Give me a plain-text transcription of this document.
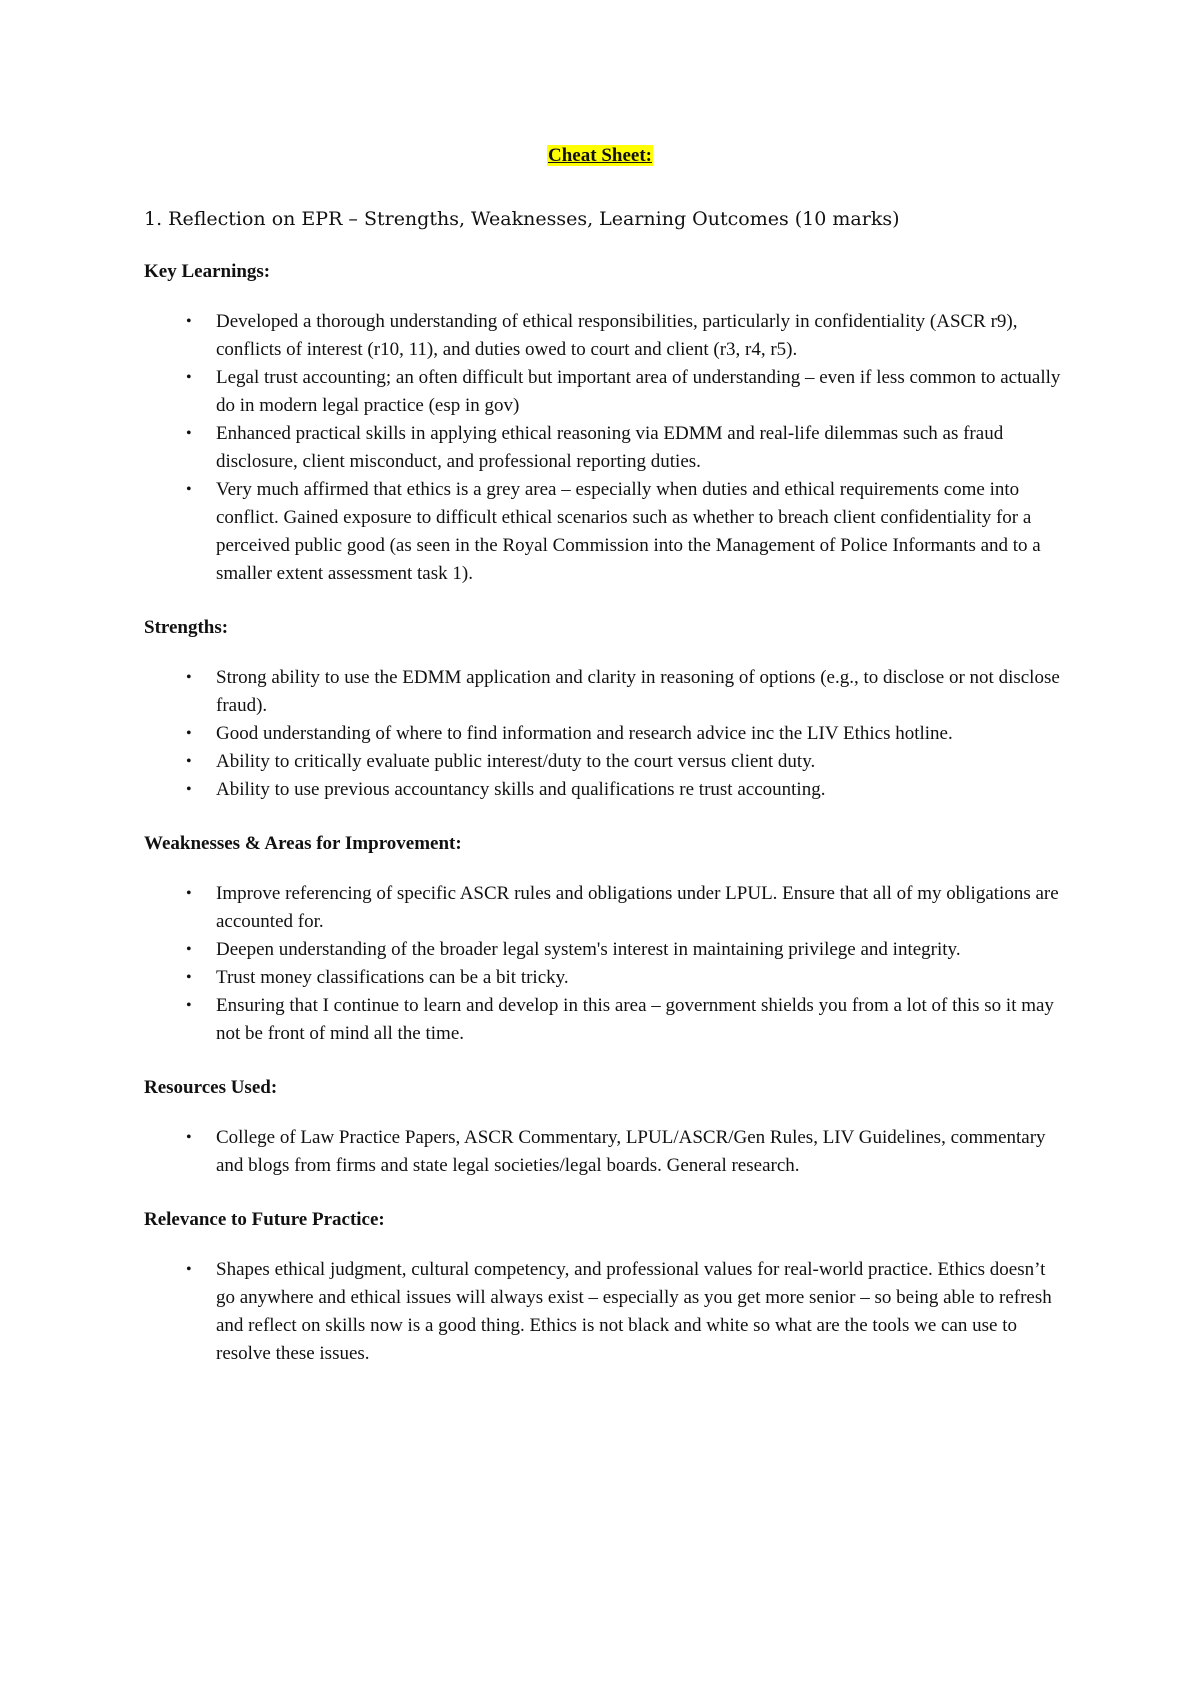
Cheat Sheet:
1. Reflection on EPR – Strengths, Weaknesses, Learning Outcomes (10 marks)
Key Learnings:
• Developed a thorough understanding of ethical responsibilities, particularly in confidentiality (ASCR r9), conflicts of interest (r10, 11), and duties owed to court and client (r3, r4, r5).
• Legal trust accounting; an often difficult but important area of understanding – even if less common to actually do in modern legal practice (esp in gov)
• Enhanced practical skills in applying ethical reasoning via EDMM and real-life dilemmas such as fraud disclosure, client misconduct, and professional reporting duties.
• Very much affirmed that ethics is a grey area – especially when duties and ethical requirements come into conflict. Gained exposure to difficult ethical scenarios such as whether to breach client confidentiality for a perceived public good (as seen in the Royal Commission into the Management of Police Informants and to a smaller extent assessment task 1).
Strengths:
• Strong ability to use the EDMM application and clarity in reasoning of options (e.g., to disclose or not disclose fraud).
• Good understanding of where to find information and research advice inc the LIV Ethics hotline.
• Ability to critically evaluate public interest/duty to the court versus client duty.
• Ability to use previous accountancy skills and qualifications re trust accounting.
Weaknesses & Areas for Improvement:
• Improve referencing of specific ASCR rules and obligations under LPUL. Ensure that all of my obligations are accounted for.
• Deepen understanding of the broader legal system's interest in maintaining privilege and integrity.
• Trust money classifications can be a bit tricky.
• Ensuring that I continue to learn and develop in this area – government shields you from a lot of this so it may not be front of mind all the time.
Resources Used:
• College of Law Practice Papers, ASCR Commentary, LPUL/ASCR/Gen Rules, LIV Guidelines, commentary and blogs from firms and state legal societies/legal boards. General research.
Relevance to Future Practice:
• Shapes ethical judgment, cultural competency, and professional values for real-world practice. Ethics doesn’t go anywhere and ethical issues will always exist – especially as you get more senior – so being able to refresh and reflect on skills now is a good thing. Ethics is not black and white so what are the tools we can use to resolve these issues.
